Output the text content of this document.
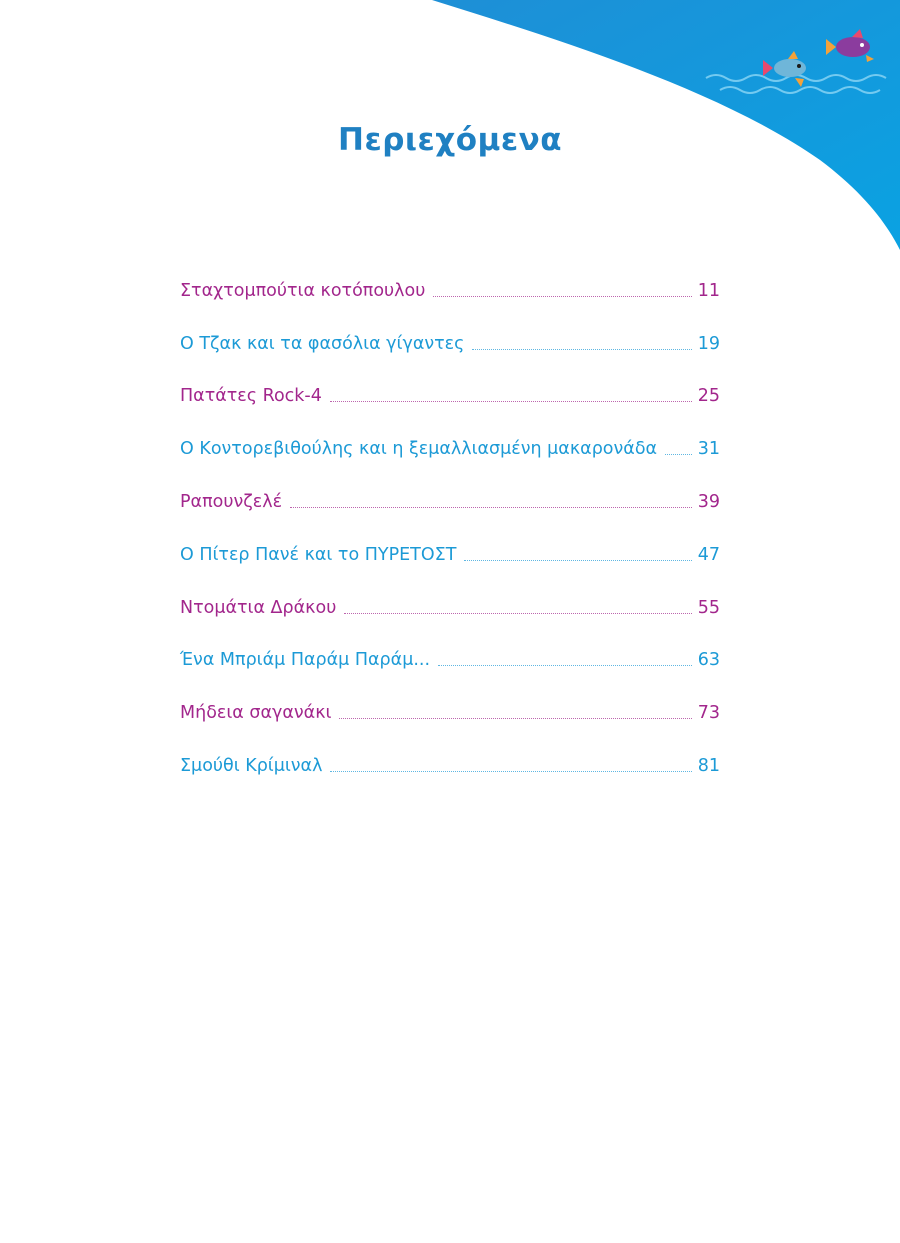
Περιεχόμενα
Σταχτομπούτια κοτόπουλου	11
Ο Τζακ και τα φασόλια γίγαντες	19
Πατάτες Rock-4	25
Ο Κοντορεβιθούλης και η ξεμαλλιασμένη μακαρονάδα 31
Ραπουνζελέ	39
Ο Πίτερ Πανέ και το ΠΥΡΕΤΟΣΤ	47
Ντομάτια Δράκου	55
Ένα Μπριάμ Παράμ Παράμ...	63
Μήδεια σαγανάκι	73
Σμούθι Κρίμιναλ	81
